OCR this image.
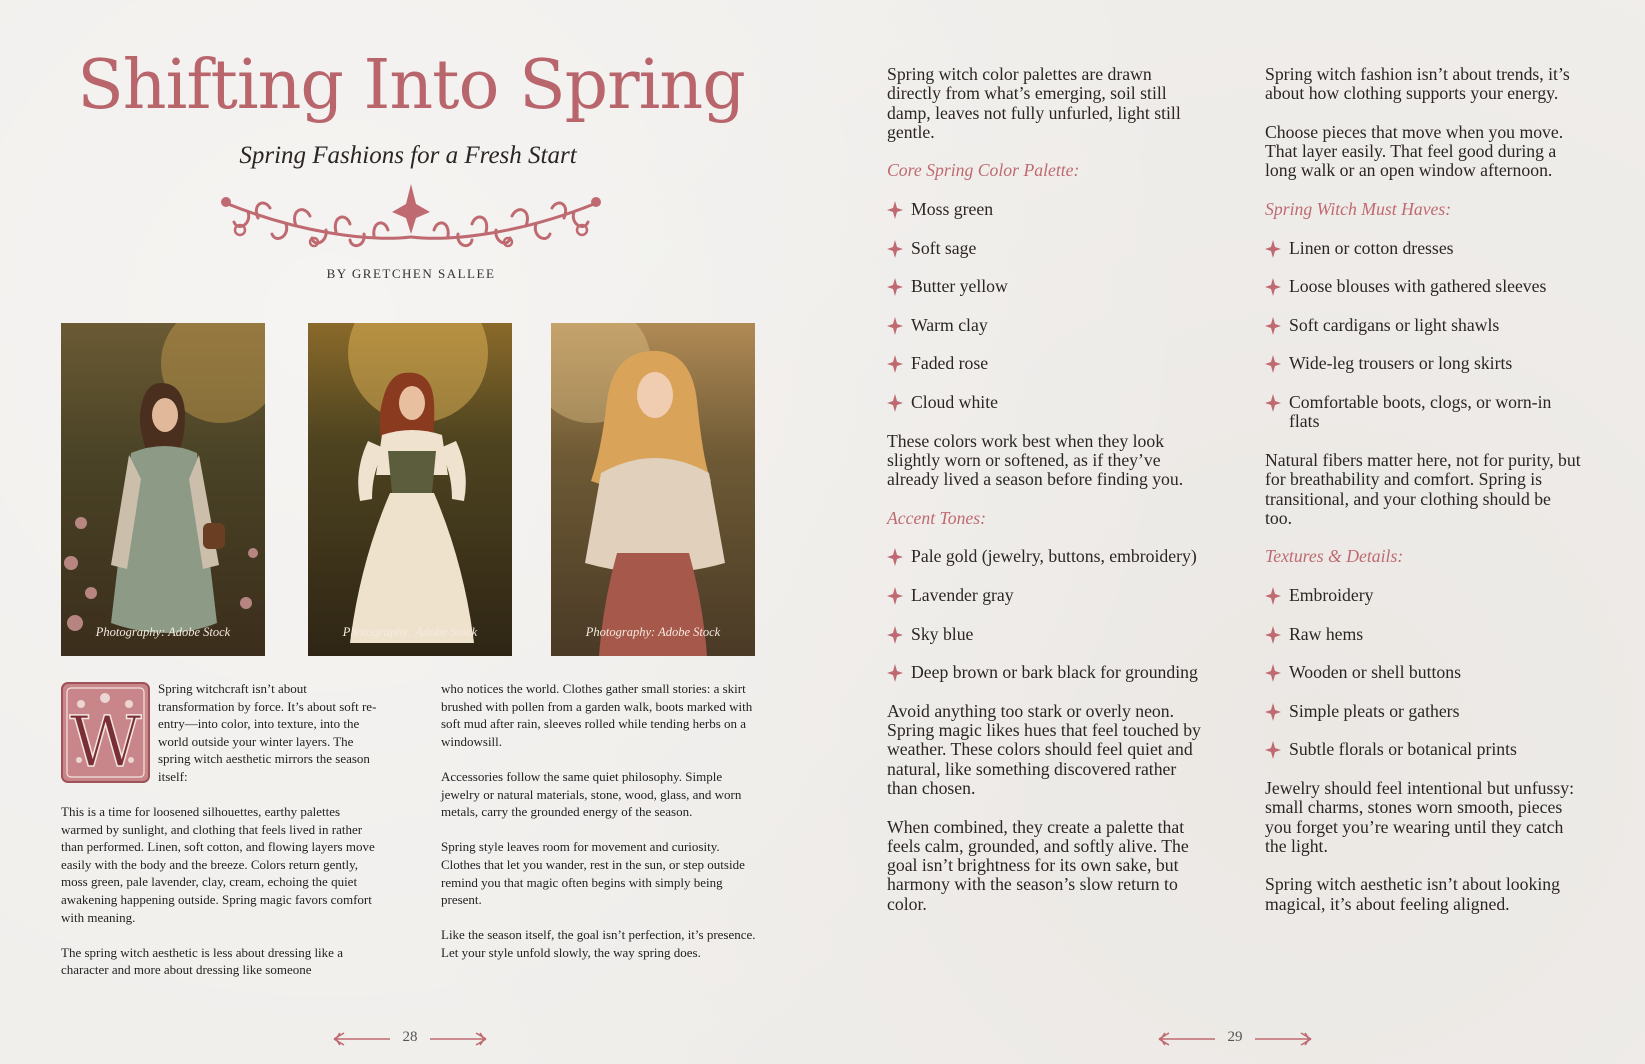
Shifting Into Spring
Spring Fashions for a Fresh Start
BY GRETCHEN SALLEE
Photography: Adobe Stock	Photography: Adobe Stock	Photography: Adobe Stock
W

Spring witchcraft isn’t about transformation by force. It’s about soft re-entry—into color, into texture, into the world outside your winter layers. The spring witch aesthetic mirrors the season itself:

This is a time for loosened silhouettes, earthy palettes warmed by sunlight, and clothing that feels lived in rather than performed. Linen, soft cotton, and flowing layers move easily with the body and the breeze. Colors return gently, moss green, pale lavender, clay, cream, echoing the quiet awakening happening outside. Spring magic favors comfort with meaning.

The spring witch aesthetic is less about dressing like a character and more about dressing like someone

who notices the world. Clothes gather small stories: a skirt brushed with pollen from a garden walk, boots marked with soft mud after rain, sleeves rolled while tending herbs on a windowsill.

Accessories follow the same quiet philosophy. Simple jewelry or natural materials, stone, wood, glass, and worn metals, carry the grounded energy of the season.

Spring style leaves room for movement and curiosity. Clothes that let you wander, rest in the sun, or step outside remind you that magic often begins with simply being present.

Like the season itself, the goal isn’t perfection, it’s presence. Let your style unfold slowly, the way spring does.

28

Spring witch color palettes are drawn directly from what’s emerging, soil still damp, leaves not fully unfurled, light still gentle.

Core Spring Color Palette:
Moss green
Soft sage
Butter yellow
Warm clay
Faded rose
Cloud white

These colors work best when they look slightly worn or softened, as if they’ve already lived a season before finding you.

Accent Tones:
Pale gold (jewelry, buttons, embroidery)
Lavender gray
Sky blue
Deep brown or bark black for grounding

Avoid anything too stark or overly neon. Spring magic likes hues that feel touched by weather. These colors should feel quiet and natural, like something discovered rather than chosen.

When combined, they create a palette that feels calm, grounded, and softly alive. The goal isn’t brightness for its own sake, but harmony with the season’s slow return to color.

Spring witch fashion isn’t about trends, it’s about how clothing supports your energy.

Choose pieces that move when you move. That layer easily. That feel good during a long walk or an open window afternoon.

Spring Witch Must Haves:
Linen or cotton dresses
Loose blouses with gathered sleeves
Soft cardigans or light shawls
Wide-leg trousers or long skirts
Comfortable boots, clogs, or worn-in flats

Natural fibers matter here, not for purity, but for breathability and comfort. Spring is transitional, and your clothing should be too.

Textures & Details:
Embroidery
Raw hems
Wooden or shell buttons
Simple pleats or gathers
Subtle florals or botanical prints

Jewelry should feel intentional but unfussy: small charms, stones worn smooth, pieces you forget you’re wearing until they catch the light.

Spring witch aesthetic isn’t about looking magical, it’s about feeling aligned.

29
